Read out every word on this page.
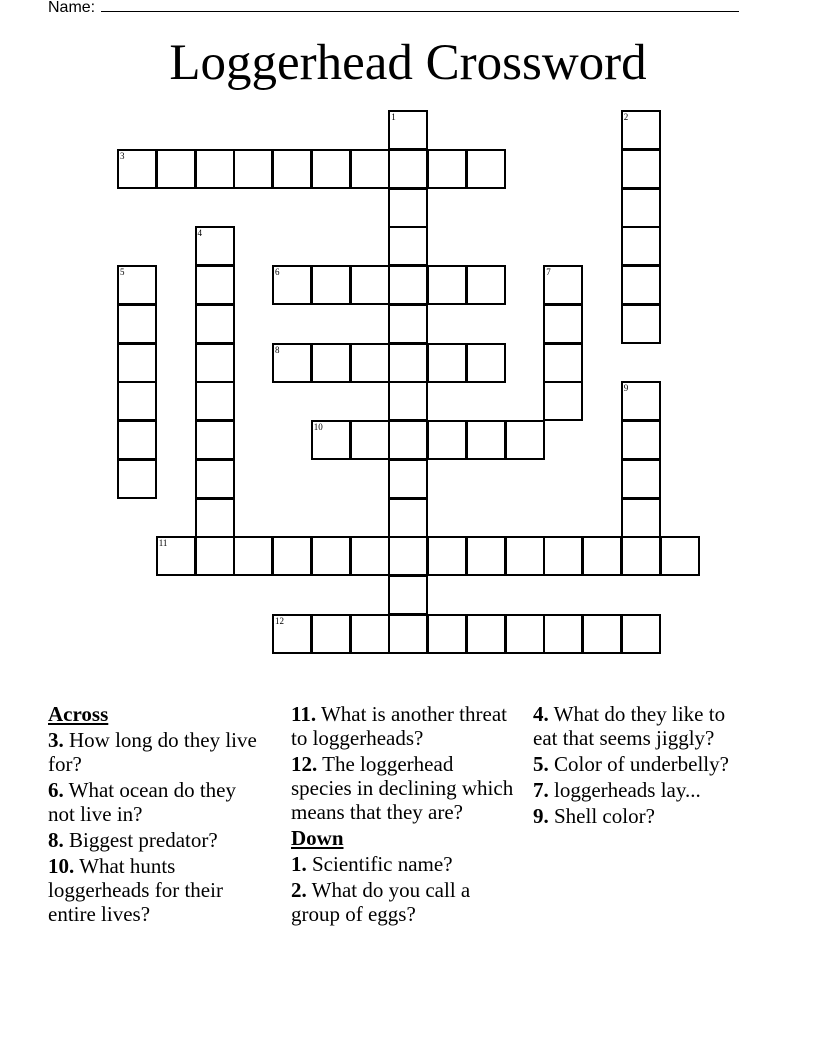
Name:
Loggerhead Crossword
1	2
3
4
5	6	7
8
9
10
11
12
Across
3. How long do they live for?
6. What ocean do they not live in?
8. Biggest predator?
10. What hunts loggerheads for their entire lives?
11. What is another threat to loggerheads?
12. The loggerhead species in declining which means that they are?
Down
1. Scientific name?
2. What do you call a group of eggs?
4. What do they like to eat that seems jiggly?
5. Color of underbelly?
7. loggerheads lay...
9. Shell color?
